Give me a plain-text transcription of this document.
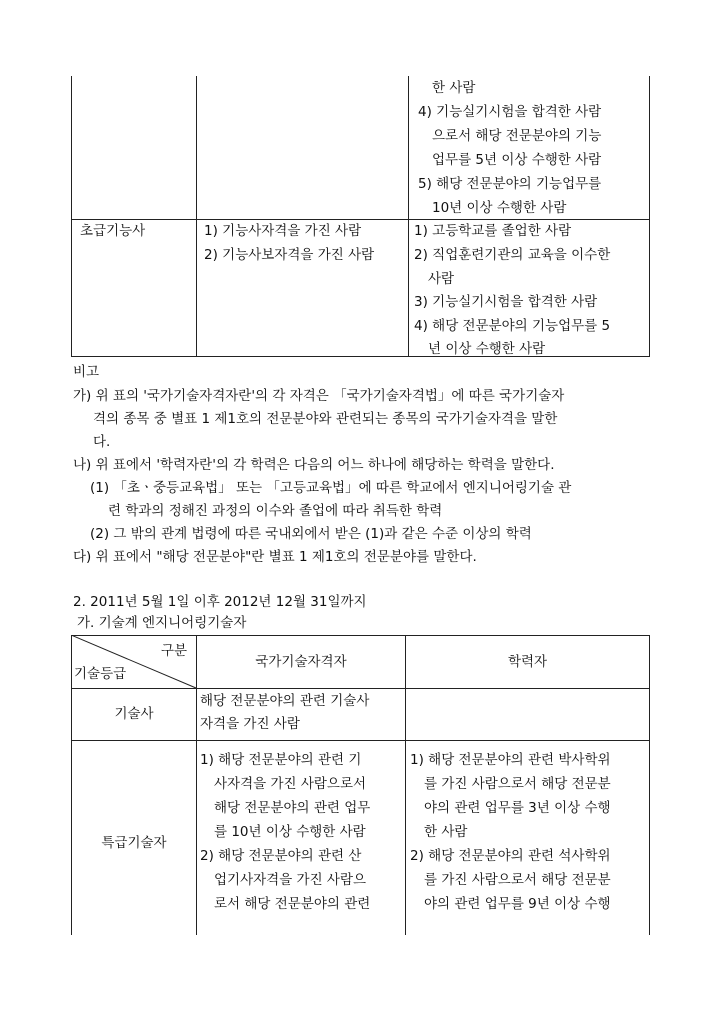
한 사람
4) 기능실기시험을 합격한 사람
으로서 해당 전문분야의 기능
업무를 5년 이상 수행한 사람
5) 해당 전문분야의 기능업무를
10년 이상 수행한 사람
초급기능사	1) 기능사자격을 가진 사람
2) 기능사보자격을 가진 사람
1) 고등학교를 졸업한 사람
2) 직업훈련기관의 교육을 이수한
사람
3) 기능실기시험을 합격한 사람
4) 해당 전문분야의 기능업무를 5
년 이상 수행한 사람
비고
가) 위 표의 '국가기술자격자란'의 각 자격은 「국가기술자격법」에 따른 국가기술자
격의 종목 중 별표 1 제1호의 전문분야와 관련되는 종목의 국가기술자격을 말한
다.
나) 위 표에서 '학력자란'의 각 학력은 다음의 어느 하나에 해당하는 학력을 말한다.
(1) 「초ㆍ중등교육법」 또는 「고등교육법」에 따른 학교에서 엔지니어링기술 관
련 학과의 정해진 과정의 이수와 졸업에 따라 취득한 학력
(2) 그 밖의 관계 법령에 따른 국내외에서 받은 (1)과 같은 수준 이상의 학력
다) 위 표에서 "해당 전문분야"란 별표 1 제1호의 전문분야를 말한다.
2. 2011년 5월 1일 이후 2012년 12월 31일까지
가. 기술계 엔지니어링기술자
구분
기술등급
국가기술자격자	학력자
기술사
해당 전문분야의 관련 기술사
자격을 가진 사람
특급기술자
1) 해당 전문분야의 관련 기
사자격을 가진 사람으로서
해당 전문분야의 관련 업무
를 10년 이상 수행한 사람
2) 해당 전문분야의 관련 산
업기사자격을 가진 사람으
로서 해당 전문분야의 관련
1) 해당 전문분야의 관련 박사학위
를 가진 사람으로서 해당 전문분
야의 관련 업무를 3년 이상 수행
한 사람
2) 해당 전문분야의 관련 석사학위
를 가진 사람으로서 해당 전문분
야의 관련 업무를 9년 이상 수행
